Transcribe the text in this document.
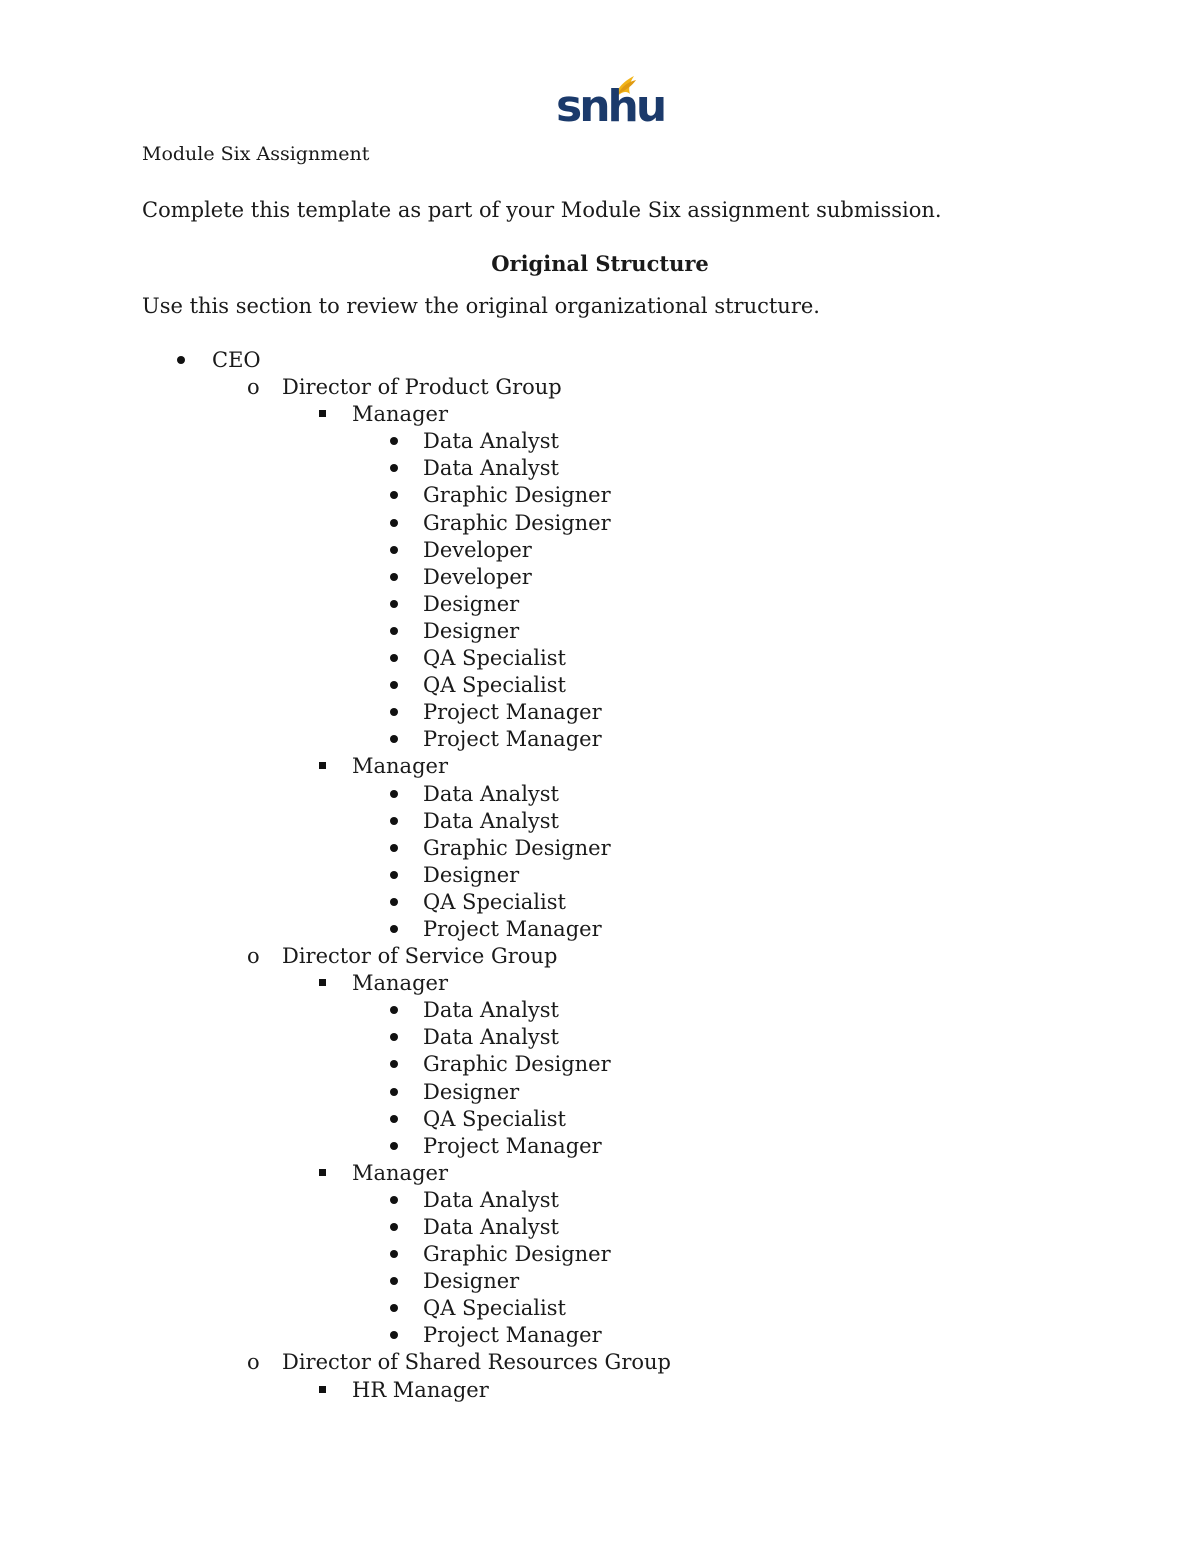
snhu
Module Six Assignment
Complete this template as part of your Module Six assignment submission.
Original Structure
Use this section to review the original organizational structure.
CEO
o Director of Product Group
Manager
Data Analyst
Data Analyst
Graphic Designer
Graphic Designer
Developer
Developer
Designer
Designer
QA Specialist
QA Specialist
Project Manager
Project Manager
Manager
Data Analyst
Data Analyst
Graphic Designer
Designer
QA Specialist
Project Manager
o Director of Service Group
Manager
Data Analyst
Data Analyst
Graphic Designer
Designer
QA Specialist
Project Manager
Manager
Data Analyst
Data Analyst
Graphic Designer
Designer
QA Specialist
Project Manager
o Director of Shared Resources Group
HR Manager
